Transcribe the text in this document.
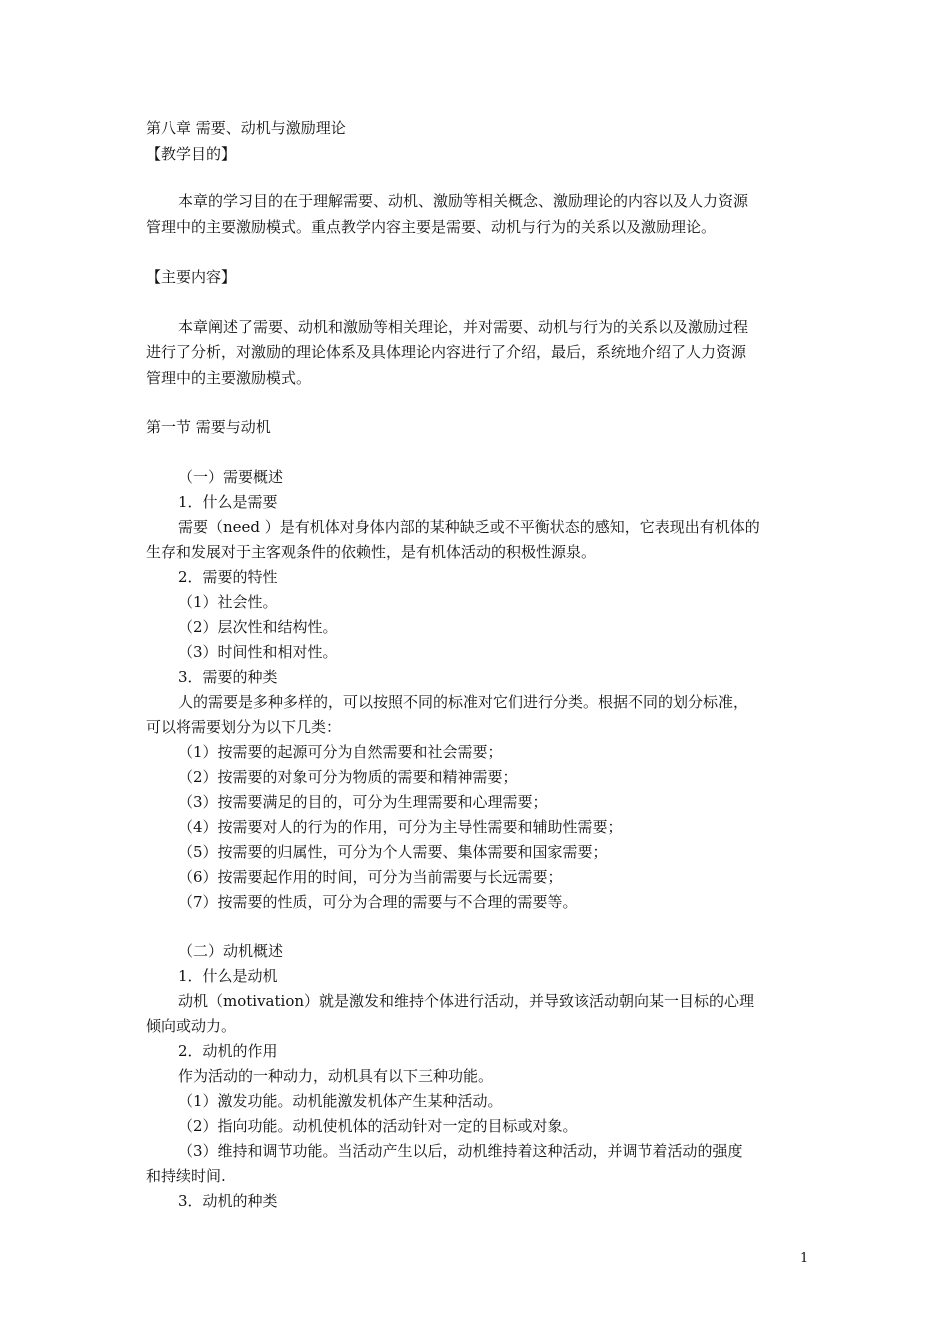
第八章 需要、动机与激励理论
【教学目的】
本章的学习目的在于理解需要、动机、激励等相关概念、激励理论的内容以及人力资源
管理中的主要激励模式。重点教学内容主要是需要、动机与行为的关系以及激励理论。
【主要内容】
本章阐述了需要、动机和激励等相关理论，并对需要、动机与行为的关系以及激励过程
进行了分析，对激励的理论体系及具体理论内容进行了介绍，最后，系统地介绍了人力资源
管理中的主要激励模式。
第一节 需要与动机
（一）需要概述
1．什么是需要
需要（need ）是有机体对身体内部的某种缺乏或不平衡状态的感知，它表现出有机体的
生存和发展对于主客观条件的依赖性，是有机体活动的积极性源泉。
2．需要的特性
（1）社会性。
（2）层次性和结构性。
（3）时间性和相对性。
3．需要的种类
人的需要是多种多样的，可以按照不同的标准对它们进行分类。根据不同的划分标准，
可以将需要划分为以下几类：
（1）按需要的起源可分为自然需要和社会需要；
（2）按需要的对象可分为物质的需要和精神需要；
（3）按需要满足的目的，可分为生理需要和心理需要；
（4）按需要对人的行为的作用，可分为主导性需要和辅助性需要；
（5）按需要的归属性，可分为个人需要、集体需要和国家需要；
（6）按需要起作用的时间，可分为当前需要与长远需要；
（7）按需要的性质，可分为合理的需要与不合理的需要等。
（二）动机概述
1．什么是动机
动机（motivation）就是激发和维持个体进行活动，并导致该活动朝向某一目标的心理
倾向或动力。
2．动机的作用
作为活动的一种动力，动机具有以下三种功能。
（1）激发功能。动机能激发机体产生某种活动。
（2）指向功能。动机使机体的活动针对一定的目标或对象。
（3）维持和调节功能。当活动产生以后，动机维持着这种活动，并调节着活动的强度
和持续时间.
3．动机的种类
1
